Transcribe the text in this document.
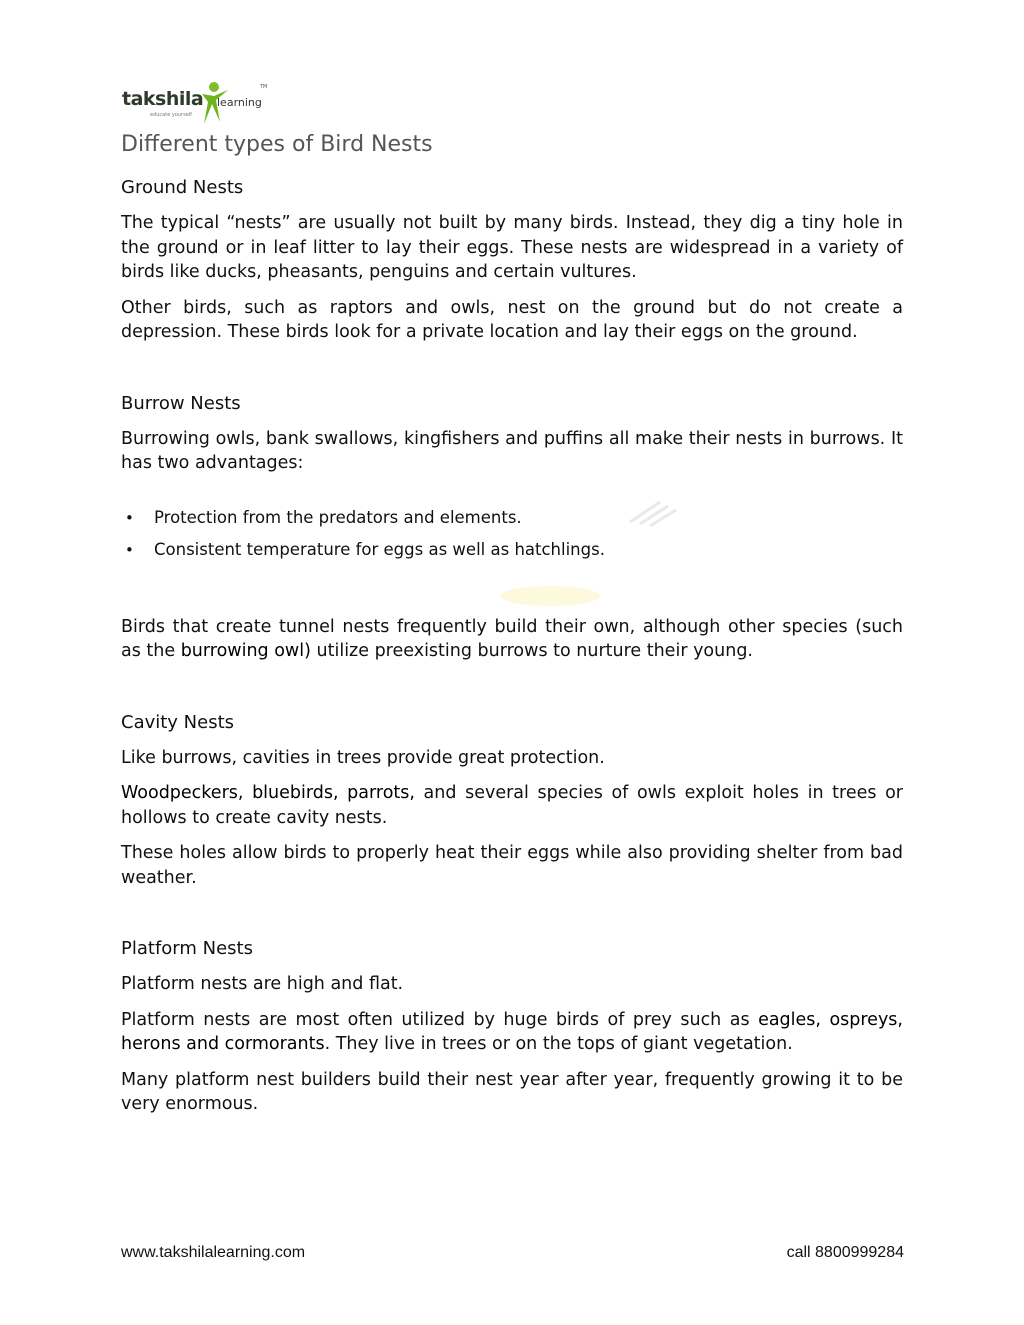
takshila learning
educate yourself
TM
Different types of Bird Nests
Ground Nests

The typical “nests” are usually not built by many birds. Instead, they dig a tiny hole in the ground or in leaf litter to lay their eggs. These nests are widespread in a variety of birds like ducks, pheasants, penguins and certain vultures.

Other birds, such as raptors and owls, nest on the ground but do not create a depression. These birds look for a private location and lay their eggs on the ground.

Burrow Nests

Burrowing owls, bank swallows, kingfishers and puffins all make their nests in burrows. It has two advantages:

• Protection from the predators and elements.
• Consistent temperature for eggs as well as hatchlings.

Birds that create tunnel nests frequently build their own, although other species (such as the burrowing owl) utilize preexisting burrows to nurture their young.

Cavity Nests

Like burrows, cavities in trees provide great protection.

Woodpeckers, bluebirds, parrots, and several species of owls exploit holes in trees or hollows to create cavity nests.

These holes allow birds to properly heat their eggs while also providing shelter from bad weather.

Platform Nests

Platform nests are high and flat.

Platform nests are most often utilized by huge birds of prey such as eagles, ospreys, herons and cormorants. They live in trees or on the tops of giant vegetation.

Many platform nest builders build their nest year after year, frequently growing it to be very enormous.

www.takshilalearning.com	call 8800999284
